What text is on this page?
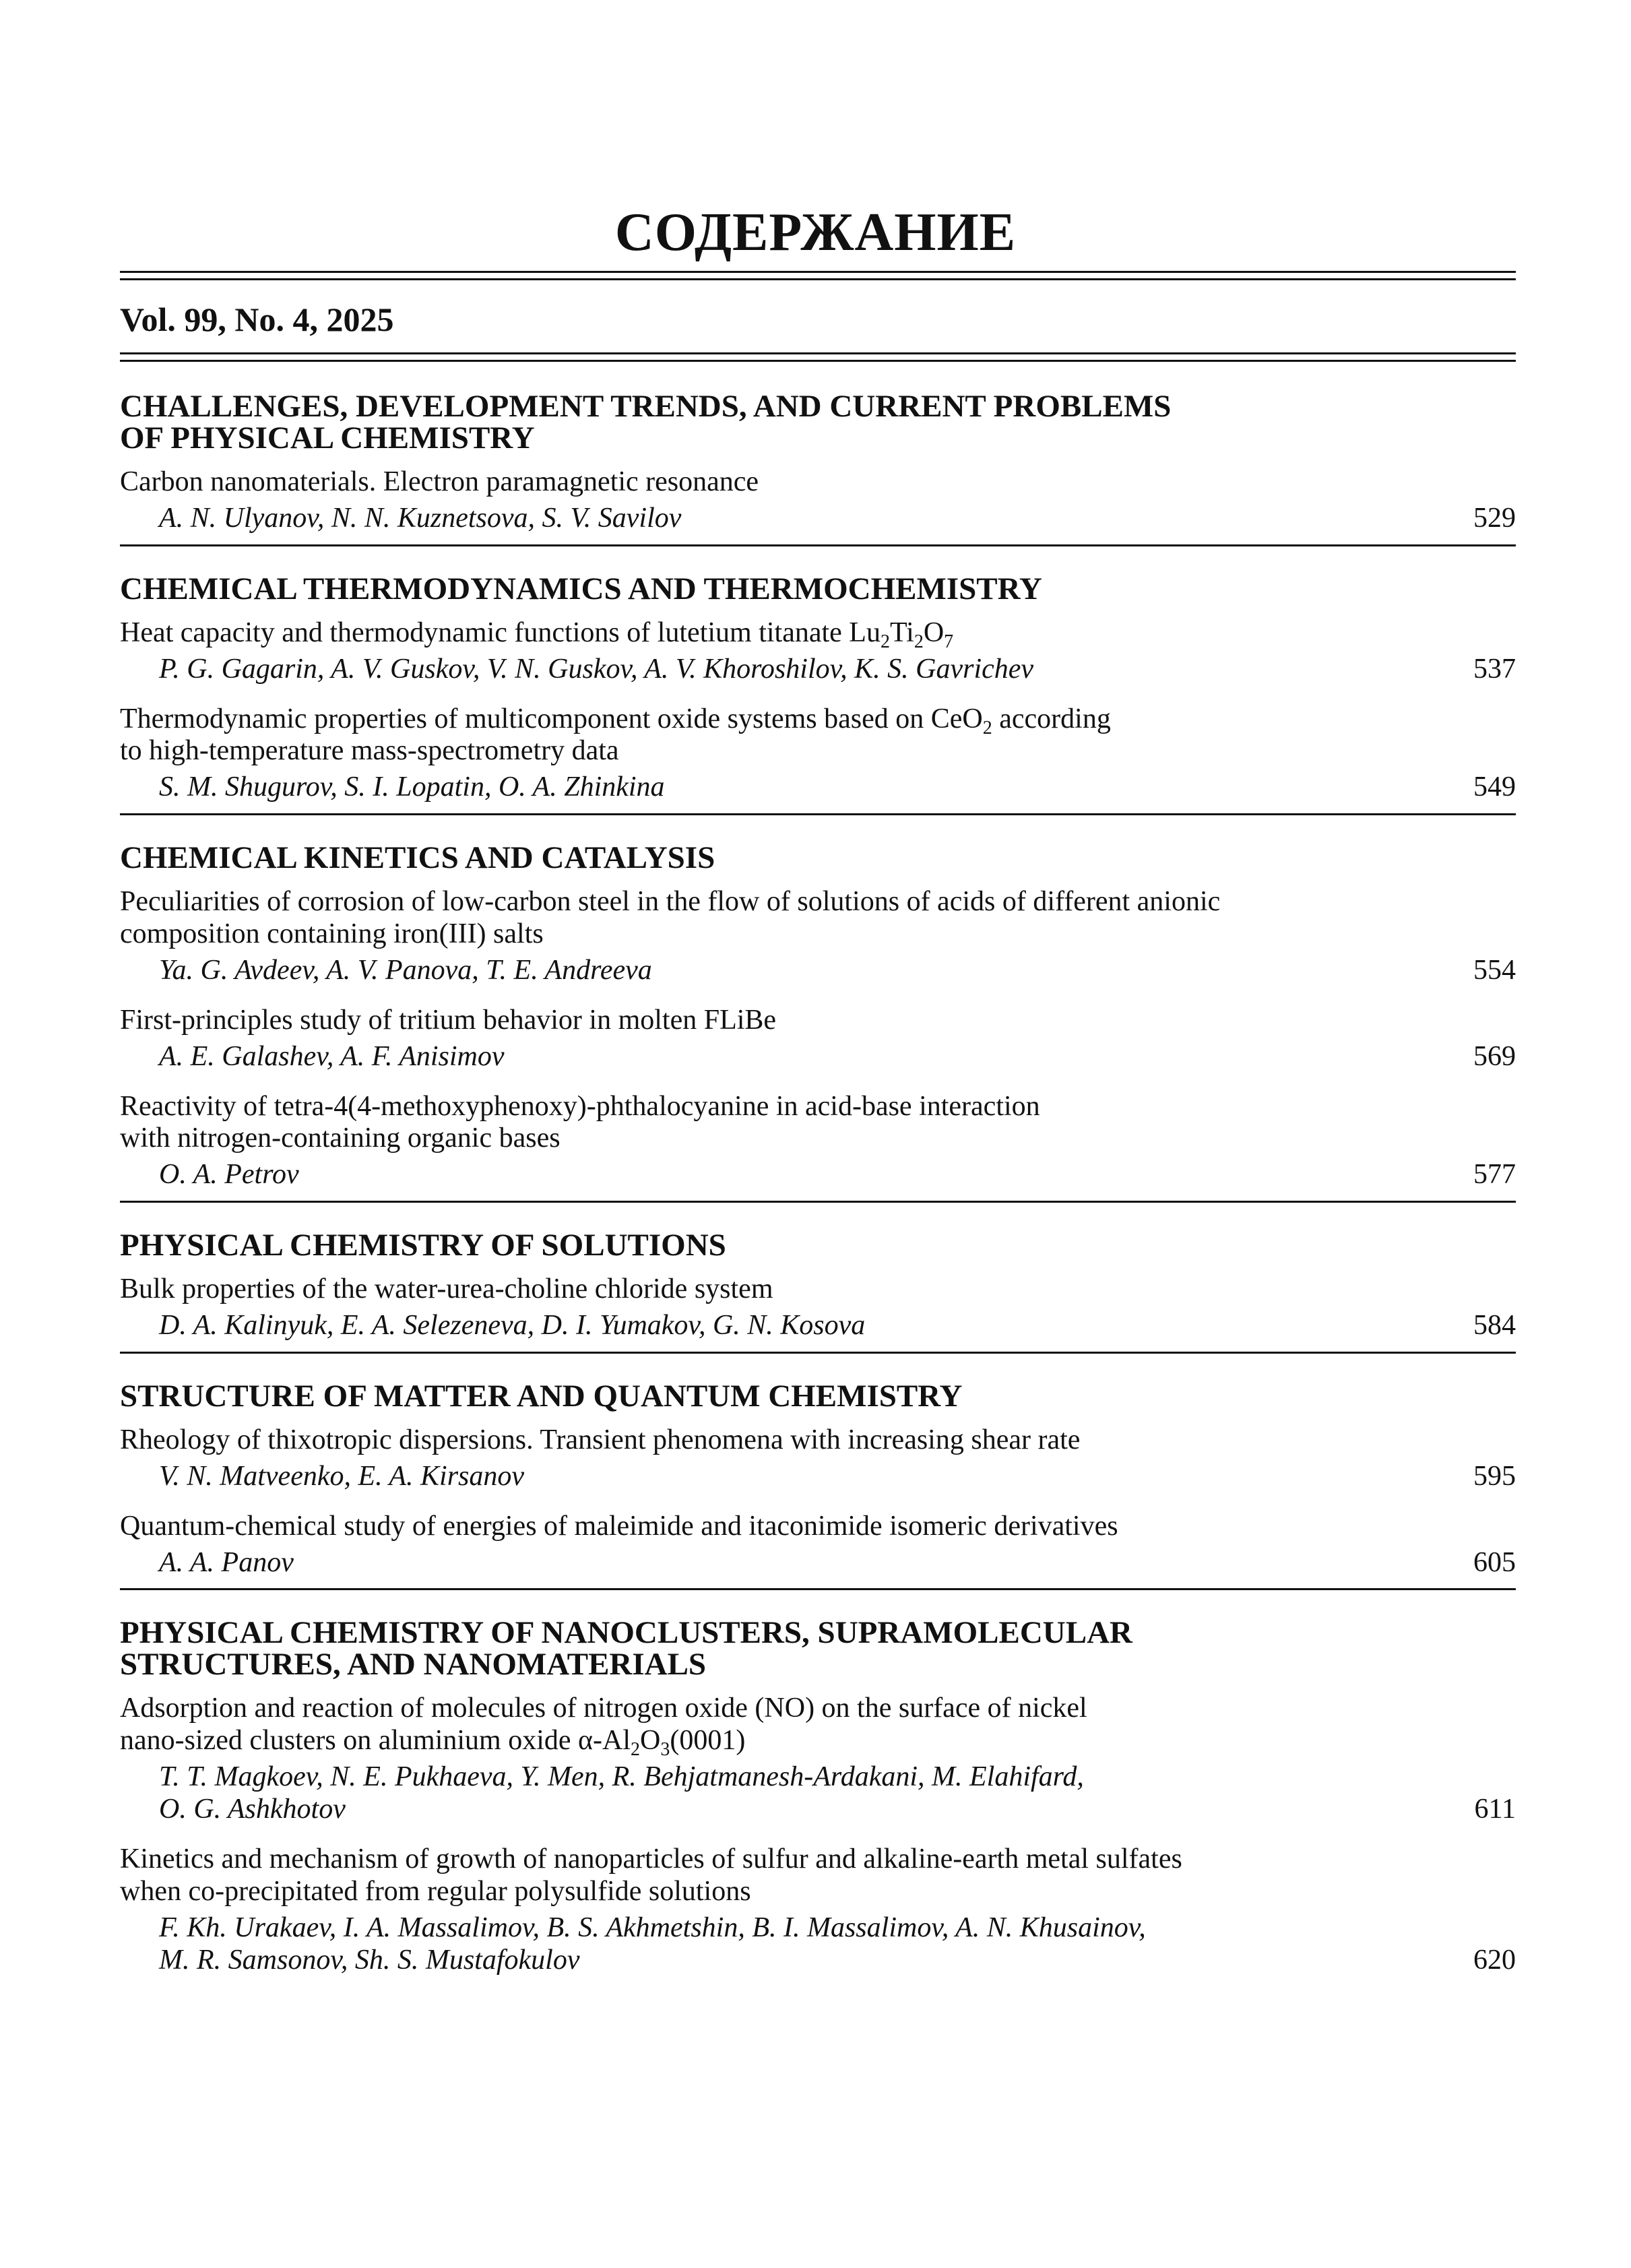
СОДЕРЖАНИЕ
Vol. 99, No. 4, 2025
CHALLENGES, DEVELOPMENT TRENDS, AND CURRENT PROBLEMS
OF PHYSICAL CHEMISTRY
Carbon nanomaterials. Electron paramagnetic resonance
A. N. Ulyanov, N. N. Kuznetsova, S. V. Savilov	529
CHEMICAL THERMODYNAMICS AND THERMOCHEMISTRY
Heat capacity and thermodynamic functions of lutetium titanate $Lu_2Ti_2O_7$
P. G. Gagarin, A. V. Guskov, V. N. Guskov, A. V. Khoroshilov, K. S. Gavrichev	537
Thermodynamic properties of multicomponent oxide systems based on CeO$_2$ according
to high-temperature mass-spectrometry data
S. M. Shugurov, S. I. Lopatin, O. A. Zhinkina	549
CHEMICAL KINETICS AND CATALYSIS
Peculiarities of corrosion of low-carbon steel in the flow of solutions of acids of different anionic
composition containing iron(III) salts
Ya. G. Avdeev, A. V. Panova, T. E. Andreeva	554
First-principles study of tritium behavior in molten FLiBe
A. E. Galashev, A. F. Anisimov	569
Reactivity of tetra-4(4-methoxyphenoxy)-phthalocyanine in acid-base interaction
with nitrogen-containing organic bases
O. A. Petrov	577
PHYSICAL CHEMISTRY OF SOLUTIONS
Bulk properties of the water-urea-choline chloride system
D. A. Kalinyuk, E. A. Selezeneva, D. I. Yumakov, G. N. Kosova	584
STRUCTURE OF MATTER AND QUANTUM CHEMISTRY
Rheology of thixotropic dispersions. Transient phenomena with increasing shear rate
V. N. Matveenko, E. A. Kirsanov	595
Quantum-chemical study of energies of maleimide and itaconimide isomeric derivatives
A. A. Panov	605
PHYSICAL CHEMISTRY OF NANOCLUSTERS, SUPRAMOLECULAR
STRUCTURES, AND NANOMATERIALS
Adsorption and reaction of molecules of nitrogen oxide (NO) on the surface of nickel
nano-sized clusters on aluminium oxide $\alpha-Al_2O_3(0001)$
T. T. Magkoev, N. E. Pukhaeva, Y. Men, R. Behjatmanesh-Ardakani, M. Elahifard,
O. G. Ashkhotov	611
Kinetics and mechanism of growth of nanoparticles of sulfur and alkaline-earth metal sulfates
when co-precipitated from regular polysulfide solutions
F. Kh. Urakaev, I. A. Massalimov, B. S. Akhmetshin, B. I. Massalimov, A. N. Khusainov,
M. R. Samsonov, Sh. S. Mustafokulov	620
